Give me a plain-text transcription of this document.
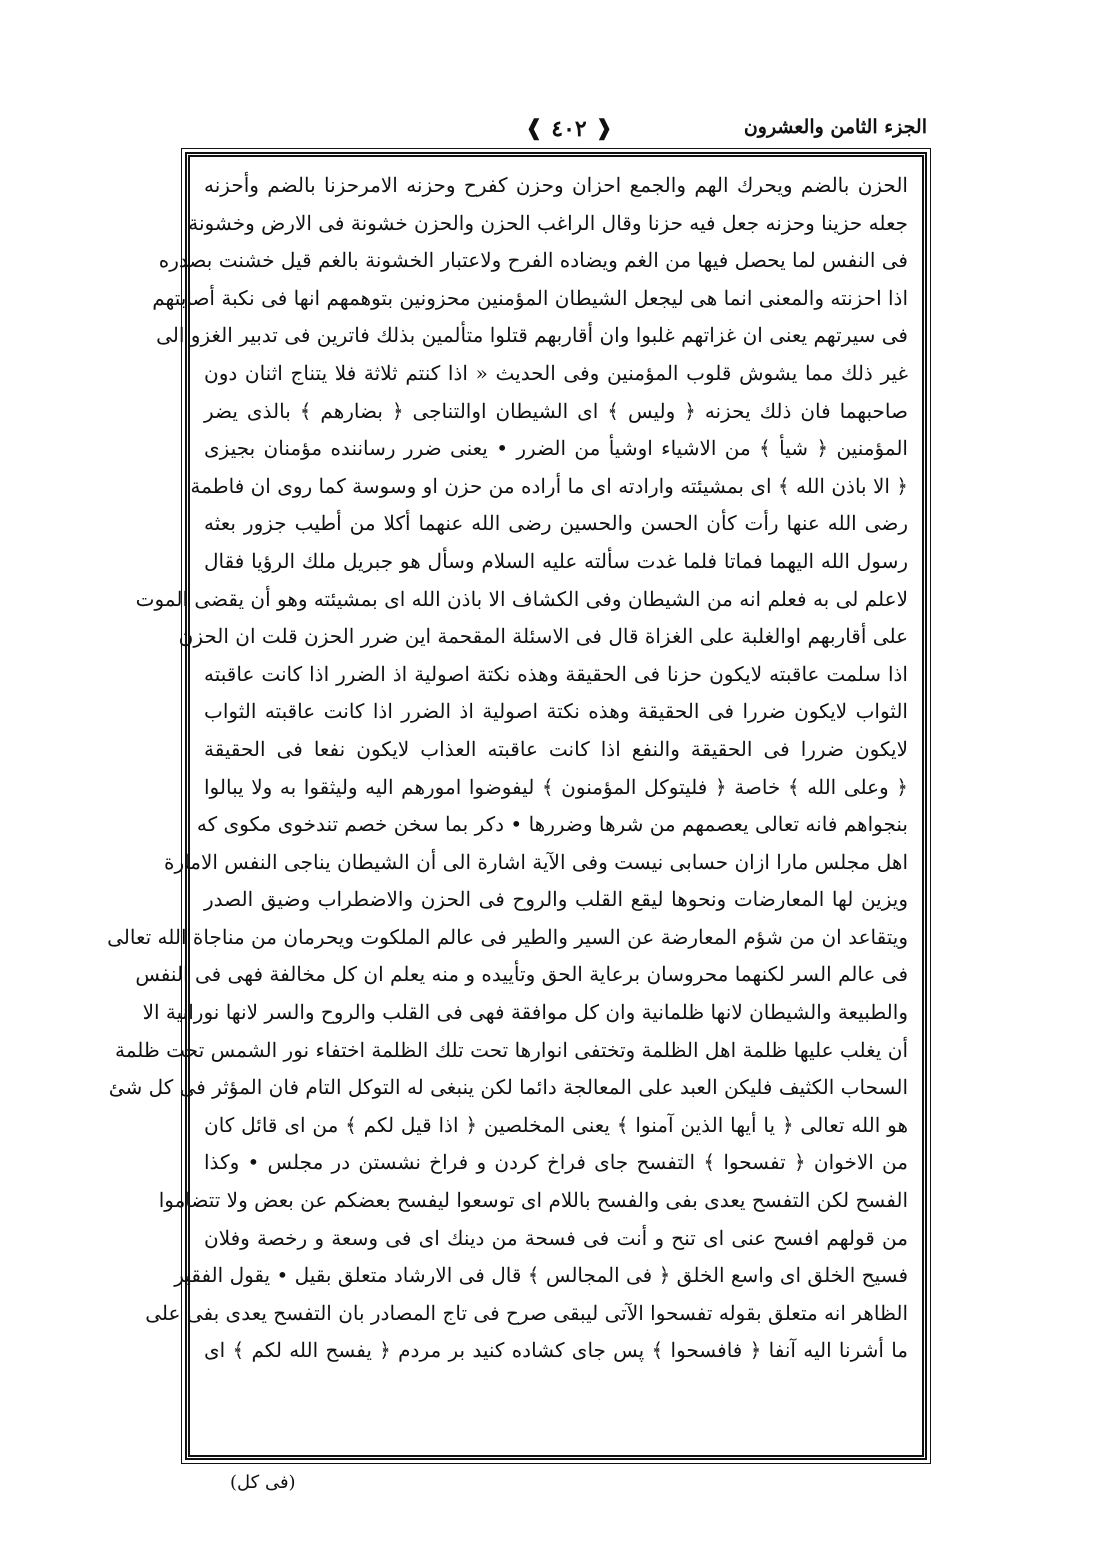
الجزء الثامن والعشرون
❰ ٤٠٢ ❱
الحزن بالضم ويحرك الهم والجمع احزان وحزن كفرح وحزنه الامرحزنا بالضم وأحزنه
جعله حزينا وحزنه جعل فيه حزنا وقال الراغب الحزن والحزن خشونة فى الارض وخشونة
فى النفس لما يحصل فيها من الغم ويضاده الفرح ولاعتبار الخشونة بالغم قيل خشنت بصدره
اذا احزنته والمعنى انما هى ليجعل الشيطان المؤمنين محزونين بتوهمهم انها فى نكبة أصابتهم
فى سيرتهم يعنى ان غزاتهم غلبوا وان أقاربهم قتلوا متألمين بذلك فاترين فى تدبير الغزو الى
غير ذلك مما يشوش قلوب المؤمنين وفى الحديث « اذا كنتم ثلاثة فلا يتناج اثنان دون
صاحبهما فان ذلك يحزنه ﴿ وليس ﴾ اى الشيطان اوالتناجى ﴿ بضارهم ﴾ بالذى يضر
المؤمنين ﴿ شيأ ﴾ من الاشياء اوشيأ من الضرر • يعنى ضرر رساننده مؤمنان بجيزى
﴿ الا باذن الله ﴾ اى بمشيئته وارادته اى ما أراده من حزن او وسوسة كما روى ان فاطمة
رضى الله عنها رأت كأن الحسن والحسين رضى الله عنهما أكلا من أطيب جزور بعثه
رسول الله اليهما فماتا فلما غدت سألته عليه السلام وسأل هو جبريل ملك الرؤيا فقال
لاعلم لى به فعلم انه من الشيطان وفى الكشاف الا باذن الله اى بمشيئته وهو أن يقضى الموت
على أقاربهم اوالغلبة على الغزاة قال فى الاسئلة المقحمة اين ضرر الحزن قلت ان الحزن
اذا سلمت عاقبته لايكون حزنا فى الحقيقة وهذه نكتة اصولية اذ الضرر اذا كانت عاقبته
الثواب لايكون ضررا فى الحقيقة وهذه نكتة اصولية اذ الضرر اذا كانت عاقبته الثواب
لايكون ضررا فى الحقيقة والنفع اذا كانت عاقبته العذاب لايكون نفعا فى الحقيقة
﴿ وعلى الله ﴾ خاصة ﴿ فليتوكل المؤمنون ﴾ ليفوضوا امورهم اليه وليثقوا به ولا يبالوا
بنجواهم فانه تعالى يعصمهم من شرها وضررها • دكر بما سخن خصم تندخوى مكوى كه
اهل مجلس مارا ازان حسابى نيست وفى الآية اشارة الى أن الشيطان يناجى النفس الامارة
ويزين لها المعارضات ونحوها ليقع القلب والروح فى الحزن والاضطراب وضيق الصدر
ويتقاعد ان من شؤم المعارضة عن السير والطير فى عالم الملكوت ويحرمان من مناجاة الله تعالى
فى عالم السر لكنهما محروسان برعاية الحق وتأييده و منه يعلم ان كل مخالفة فهى فى النفس
والطبيعة والشيطان لانها ظلمانية وان كل موافقة فهى فى القلب والروح والسر لانها نورانية الا
أن يغلب عليها ظلمة اهل الظلمة وتختفى انوارها تحت تلك الظلمة اختفاء نور الشمس تحت ظلمة
السحاب الكثيف فليكن العبد على المعالجة دائما لكن ينبغى له التوكل التام فان المؤثر فى كل شئ
هو الله تعالى ﴿ يا أيها الذين آمنوا ﴾ يعنى المخلصين ﴿ اذا قيل لكم ﴾ من اى قائل كان
من الاخوان ﴿ تفسحوا ﴾ التفسح جاى فراخ كردن و فراخ نشستن در مجلس • وكذا
الفسح لكن التفسح يعدى بفى والفسح باللام اى توسعوا ليفسح بعضكم عن بعض ولا تتضاموا
من قولهم افسح عنى اى تنح و أنت فى فسحة من دينك اى فى وسعة و رخصة وفلان
فسيح الخلق اى واسع الخلق ﴿ فى المجالس ﴾ قال فى الارشاد متعلق بقيل • يقول الفقير
الظاهر انه متعلق بقوله تفسحوا الآتى ليبقى صرح فى تاج المصادر بان التفسح يعدى بفى على
ما أشرنا اليه آنفا ﴿ فافسحوا ﴾ پس جاى كشاده كنيد بر مردم ﴿ يفسح الله لكم ﴾ اى
(فى كل)
